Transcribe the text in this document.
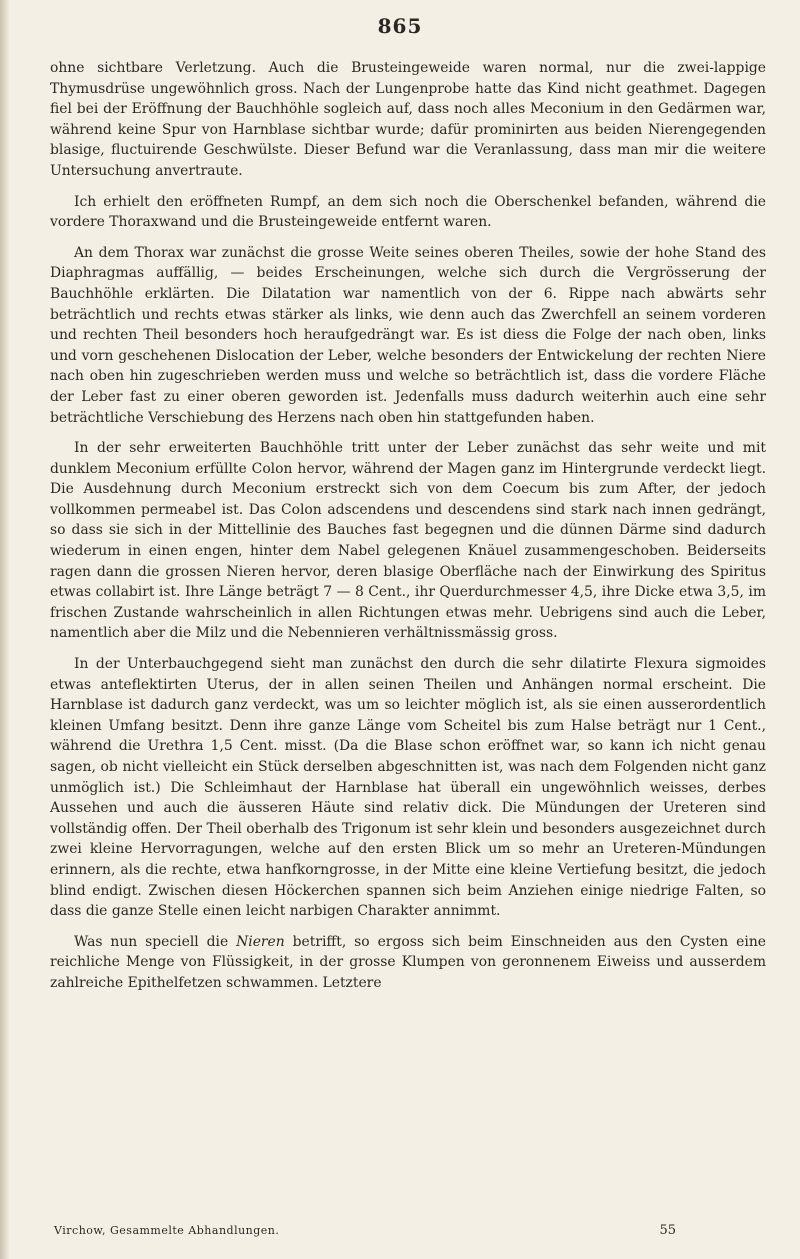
865

ohne sichtbare Verletzung. Auch die Brusteingeweide waren normal, nur die zwei-lappige Thymusdrüse ungewöhnlich gross. Nach der Lungenprobe hatte das Kind nicht geathmet. Dagegen fiel bei der Eröffnung der Bauchhöhle sogleich auf, dass noch alles Meconium in den Gedärmen war, während keine Spur von Harnblase sichtbar wurde; dafür prominirten aus beiden Nierengegenden blasige, fluctuirende Geschwülste. Dieser Befund war die Veranlassung, dass man mir die weitere Untersuchung anvertraute.

Ich erhielt den eröffneten Rumpf, an dem sich noch die Oberschenkel befanden, während die vordere Thoraxwand und die Brusteingeweide entfernt waren.

An dem Thorax war zunächst die grosse Weite seines oberen Theiles, sowie der hohe Stand des Diaphragmas auffällig, — beides Erscheinungen, welche sich durch die Vergrösserung der Bauchhöhle erklärten. Die Dilatation war namentlich von der 6. Rippe nach abwärts sehr beträchtlich und rechts etwas stärker als links, wie denn auch das Zwerchfell an seinem vorderen und rechten Theil besonders hoch heraufgedrängt war. Es ist diess die Folge der nach oben, links und vorn geschehenen Dislocation der Leber, welche besonders der Entwickelung der rechten Niere nach oben hin zugeschrieben werden muss und welche so beträchtlich ist, dass die vordere Fläche der Leber fast zu einer oberen geworden ist. Jedenfalls muss dadurch weiterhin auch eine sehr beträchtliche Verschiebung des Herzens nach oben hin stattgefunden haben.

In der sehr erweiterten Bauchhöhle tritt unter der Leber zunächst das sehr weite und mit dunklem Meconium erfüllte Colon hervor, während der Magen ganz im Hintergrunde verdeckt liegt. Die Ausdehnung durch Meconium erstreckt sich von dem Coecum bis zum After, der jedoch vollkommen permeabel ist. Das Colon adscendens und descendens sind stark nach innen gedrängt, so dass sie sich in der Mittellinie des Bauches fast begegnen und die dünnen Därme sind dadurch wiederum in einen engen, hinter dem Nabel gelegenen Knäuel zusammengeschoben. Beiderseits ragen dann die grossen Nieren hervor, deren blasige Oberfläche nach der Einwirkung des Spiritus etwas collabirt ist. Ihre Länge beträgt 7 — 8 Cent., ihr Querdurchmesser 4,5, ihre Dicke etwa 3,5, im frischen Zustande wahrscheinlich in allen Richtungen etwas mehr. Uebrigens sind auch die Leber, namentlich aber die Milz und die Nebennieren verhältnissmässig gross.

In der Unterbauchgegend sieht man zunächst den durch die sehr dilatirte Flexura sigmoides etwas anteflektirten Uterus, der in allen seinen Theilen und Anhängen normal erscheint. Die Harnblase ist dadurch ganz verdeckt, was um so leichter möglich ist, als sie einen ausserordentlich kleinen Umfang besitzt. Denn ihre ganze Länge vom Scheitel bis zum Halse beträgt nur 1 Cent., während die Urethra 1,5 Cent. misst. (Da die Blase schon eröffnet war, so kann ich nicht genau sagen, ob nicht vielleicht ein Stück derselben abgeschnitten ist, was nach dem Folgenden nicht ganz unmöglich ist.) Die Schleimhaut der Harnblase hat überall ein ungewöhnlich weisses, derbes Aussehen und auch die äusseren Häute sind relativ dick. Die Mündungen der Ureteren sind vollständig offen. Der Theil oberhalb des Trigonum ist sehr klein und besonders ausgezeichnet durch zwei kleine Hervorragungen, welche auf den ersten Blick um so mehr an Ureteren-Mündungen erinnern, als die rechte, etwa hanfkorngrosse, in der Mitte eine kleine Vertiefung besitzt, die jedoch blind endigt. Zwischen diesen Höckerchen spannen sich beim Anziehen einige niedrige Falten, so dass die ganze Stelle einen leicht narbigen Charakter annimmt.

Was nun speciell die Nieren betrifft, so ergoss sich beim Einschneiden aus den Cysten eine reichliche Menge von Flüssigkeit, in der grosse Klumpen von geronnenem Eiweiss und ausserdem zahlreiche Epithelfetzen schwammen. Letztere

Virchow, Gesammelte Abhandlungen.	55
